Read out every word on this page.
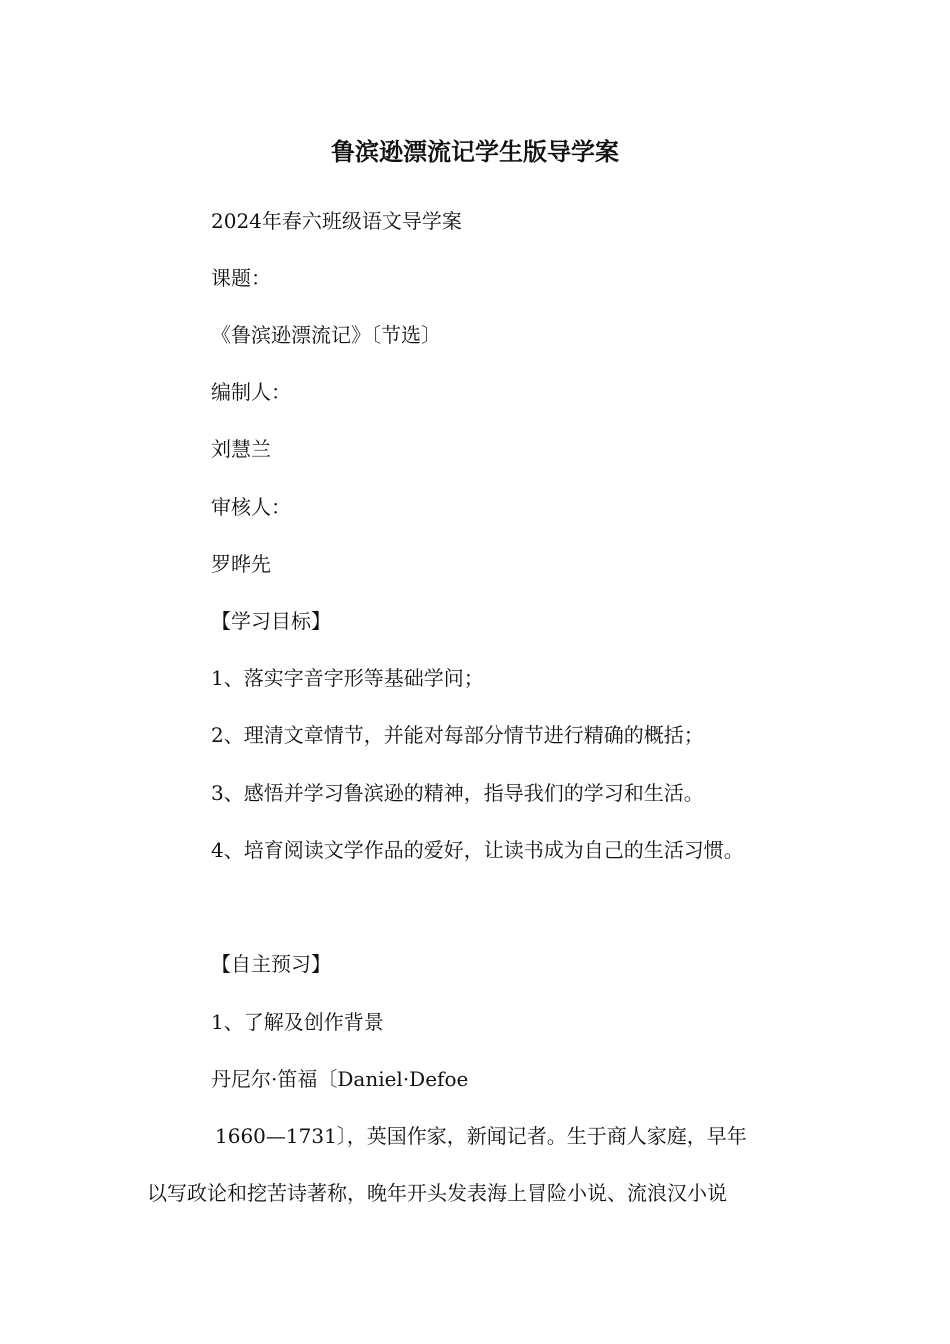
鲁滨逊漂流记学生版导学案

2024年春六班级语文导学案

课题：

《鲁滨逊漂流记》〔节选〕

编制人：

刘慧兰

审核人：

罗晔先

【学习目标】

1、落实字音字形等基础学问；

2、理清文章情节，并能对每部分情节进行精确的概括；

3、感悟并学习鲁滨逊的精神，指导我们的学习和生活。

4、培育阅读文学作品的爱好，让读书成为自己的生活习惯。

【自主预习】

1、了解及创作背景

丹尼尔·笛福〔Daniel·Defoe

1660—1731〕，英国作家，新闻记者。生于商人家庭，早年

以写政论和挖苦诗著称，晚年开头发表海上冒险小说、流浪汉小说
